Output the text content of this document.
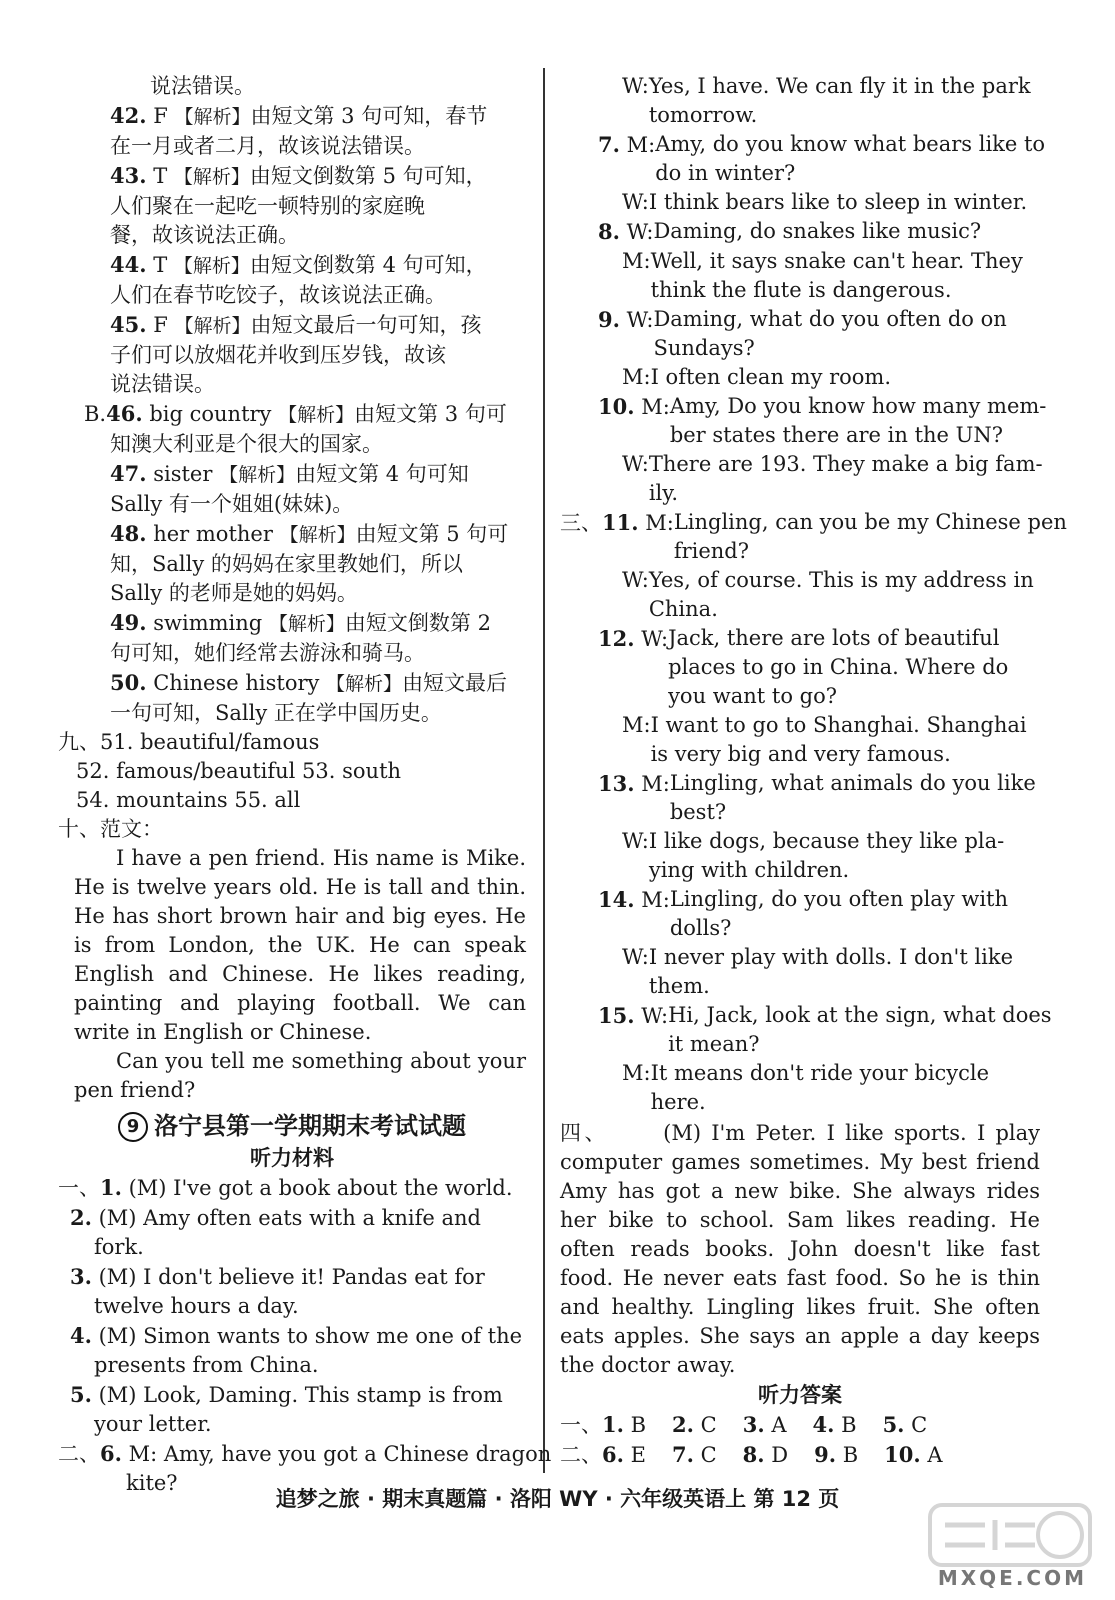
说法错误。
42. F 【解析】由短文第 3 句可知，春节
在一月或者二月，故该说法错误。
43. T 【解析】由短文倒数第 5 句可知，
人们聚在一起吃一顿特别的家庭晚
餐，故该说法正确。
44. T 【解析】由短文倒数第 4 句可知，
人们在春节吃饺子，故该说法正确。
45. F 【解析】由短文最后一句可知，孩
子们可以放烟花并收到压岁钱，故该
说法错误。
B.46. big country 【解析】由短文第 3 句可
知澳大利亚是个很大的国家。
47. sister 【解析】由短文第 4 句可知
Sally 有一个姐姐(妹妹)。
48. her mother 【解析】由短文第 5 句可
知，Sally 的妈妈在家里教她们，所以
Sally 的老师是她的妈妈。
49. swimming 【解析】由短文倒数第 2
句可知，她们经常去游泳和骑马。
50. Chinese history 【解析】由短文最后
一句可知，Sally 正在学中国历史。
九、51. beautiful/famous
52. famous/beautiful 53. south
54. mountains 55. all
十、范文：
I have a pen friend. His name is Mike. He is twelve years old. He is tall and thin. He has short brown hair and big eyes. He is from London, the UK. He can speak English and Chinese. He likes reading, painting and playing football. We can write in English or Chinese.
Can you tell me something about your pen friend?
9 洛宁县第一学期期末考试试题
听力材料
一、1. (M) I've got a book about the world.
2. (M) Amy often eats with a knife and
fork.
3. (M) I don't believe it! Pandas eat for
twelve hours a day.
4. (M) Simon wants to show me one of the
presents from China.
5. (M) Look, Daming. This stamp is from
your letter.
二、6. M: Amy, have you got a Chinese dragon
kite?
W: Yes, I have. We can fly it in the park
tomorrow.
7. M: Amy, do you know what bears like to
do in winter?
W: I think bears like to sleep in winter.
8. W: Daming, do snakes like music?
M: Well, it says snake can't hear. They
think the flute is dangerous.
9. W: Daming, what do you often do on
Sundays?
M: I often clean my room.
10. M: Amy, Do you know how many mem-
ber states there are in the UN?
W: There are 193. They make a big fam-
ily.
三、11. M: Lingling, can you be my Chinese pen
friend?
W: Yes, of course. This is my address in
China.
12. W: Jack, there are lots of beautiful
places to go in China. Where do
you want to go?
M: I want to go to Shanghai. Shanghai
is very big and very famous.
13. M: Lingling, what animals do you like
best?
W: I like dogs, because they like pla-
ying with children.
14. M: Lingling, do you often play with
dolls?
W: I never play with dolls. I don't like
them.
15. W: Hi, Jack, look at the sign, what does
it mean?
M: It means don't ride your bicycle
here.
四、	(M) I'm Peter. I like sports. I play computer games sometimes. My best friend Amy has got a new bike. She always rides her bike to school. Sam likes reading. He often reads books. John doesn't like fast food. He never eats fast food. So he is thin and healthy. Lingling likes fruit. She often eats apples. She says an apple a day keeps the doctor away.
听力答案
一、1. B 2. C 3. A 4. B 5. C
二、6. E 7. C 8. D 9. B 10. A
追梦之旅 · 期末真题篇 · 洛阳 WY · 六年级英语上 第 12 页
MXQE.COM
